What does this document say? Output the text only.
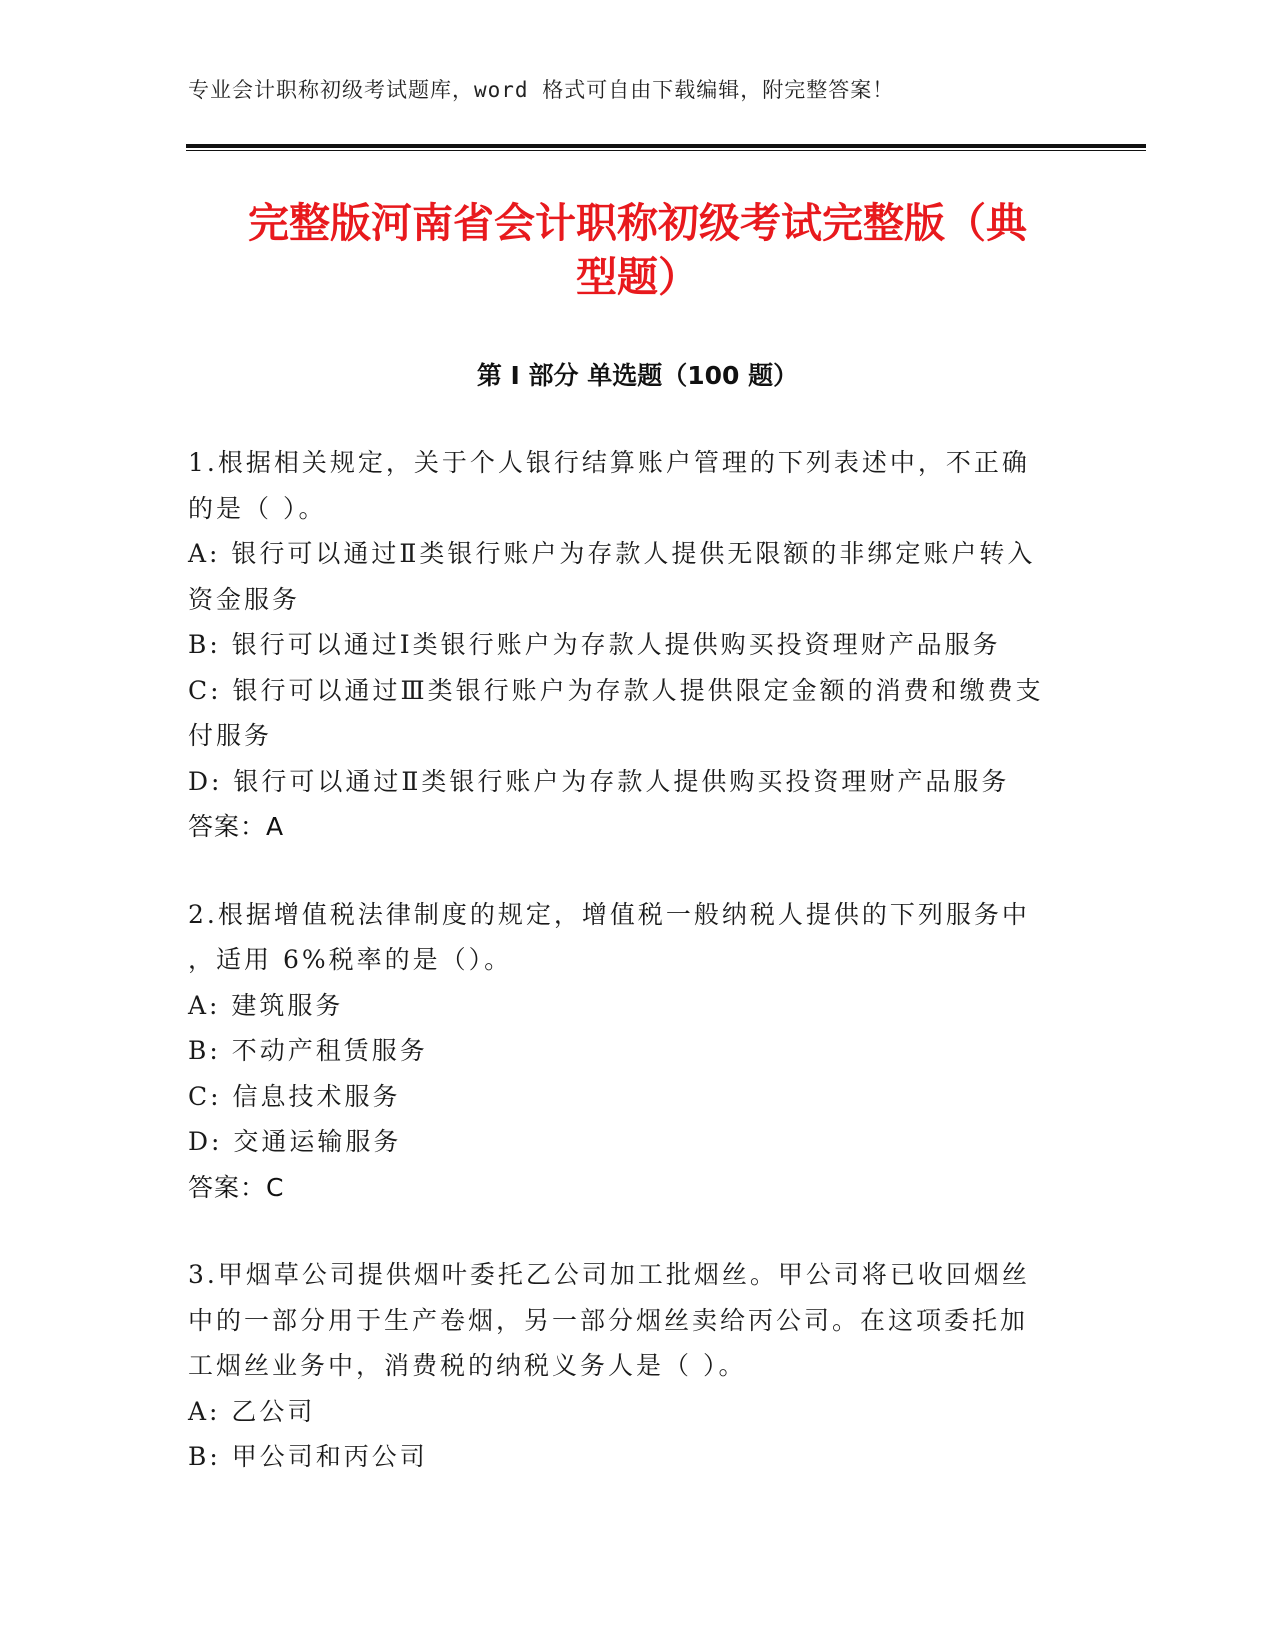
专业会计职称初级考试题库，word 格式可自由下载编辑，附完整答案！
完整版河南省会计职称初级考试完整版（典
型题）
第 I 部分 单选题（100 题）
1.根据相关规定，关于个人银行结算账户管理的下列表述中，不正确
的是（ ）。
A: 银行可以通过Ⅱ类银行账户为存款人提供无限额的非绑定账户转入
资金服务
B: 银行可以通过Ⅰ类银行账户为存款人提供购买投资理财产品服务
C: 银行可以通过Ⅲ类银行账户为存款人提供限定金额的消费和缴费支
付服务
D: 银行可以通过Ⅱ类银行账户为存款人提供购买投资理财产品服务
答案：A
2.根据增值税法律制度的规定，增值税一般纳税人提供的下列服务中
，适用 6%税率的是（）。
A: 建筑服务
B: 不动产租赁服务
C: 信息技术服务
D: 交通运输服务
答案：C
3.甲烟草公司提供烟叶委托乙公司加工批烟丝。甲公司将已收回烟丝
中的一部分用于生产卷烟，另一部分烟丝卖给丙公司。在这项委托加
工烟丝业务中，消费税的纳税义务人是（ ）。
A: 乙公司
B: 甲公司和丙公司
